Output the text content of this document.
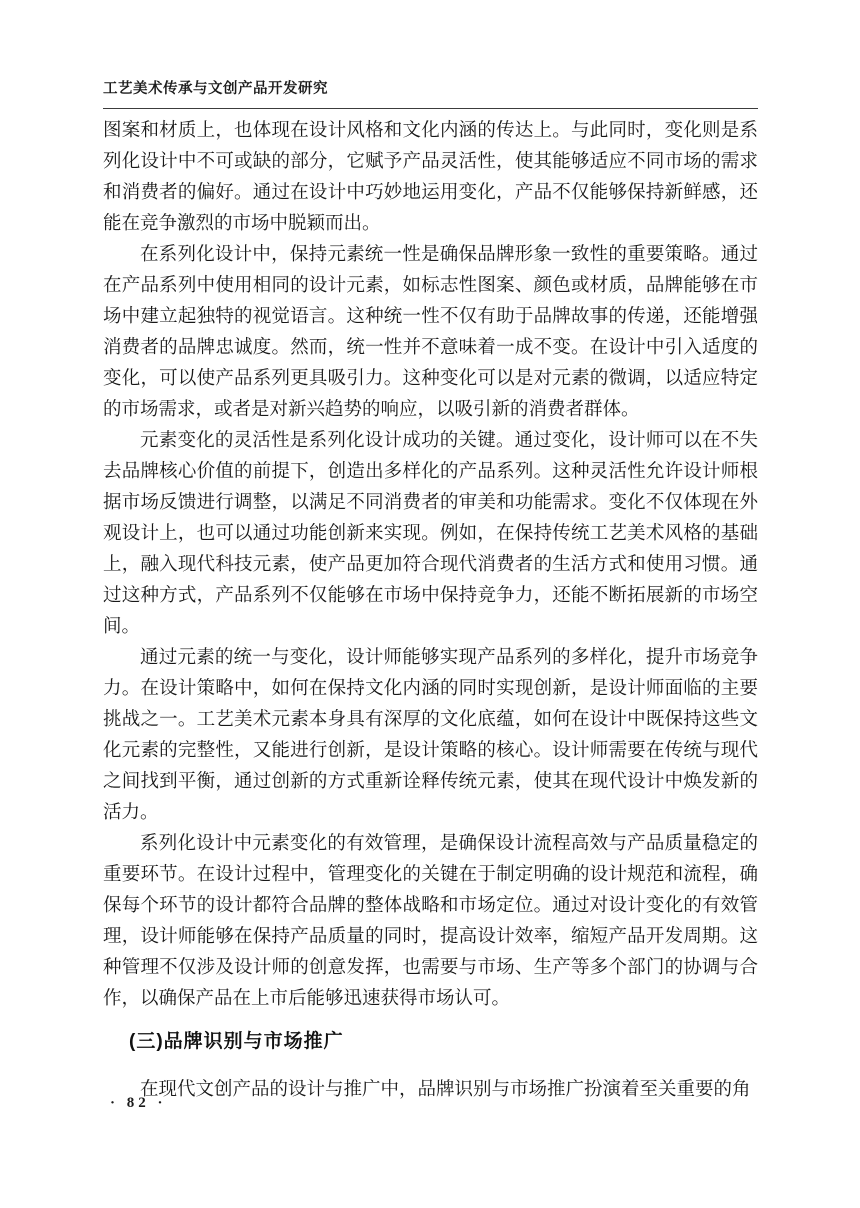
工艺美术传承与文创产品开发研究

图案和材质上，也体现在设计风格和文化内涵的传达上。与此同时，变化则是系列化设计中不可或缺的部分，它赋予产品灵活性，使其能够适应不同市场的需求和消费者的偏好。通过在设计中巧妙地运用变化，产品不仅能够保持新鲜感，还能在竞争激烈的市场中脱颖而出。

在系列化设计中，保持元素统一性是确保品牌形象一致性的重要策略。通过在产品系列中使用相同的设计元素，如标志性图案、颜色或材质，品牌能够在市场中建立起独特的视觉语言。这种统一性不仅有助于品牌故事的传递，还能增强消费者的品牌忠诚度。然而，统一性并不意味着一成不变。在设计中引入适度的变化，可以使产品系列更具吸引力。这种变化可以是对元素的微调，以适应特定的市场需求，或者是对新兴趋势的响应，以吸引新的消费者群体。

元素变化的灵活性是系列化设计成功的关键。通过变化，设计师可以在不失去品牌核心价值的前提下，创造出多样化的产品系列。这种灵活性允许设计师根据市场反馈进行调整，以满足不同消费者的审美和功能需求。变化不仅体现在外观设计上，也可以通过功能创新来实现。例如，在保持传统工艺美术风格的基础上，融入现代科技元素，使产品更加符合现代消费者的生活方式和使用习惯。通过这种方式，产品系列不仅能够在市场中保持竞争力，还能不断拓展新的市场空间。

通过元素的统一与变化，设计师能够实现产品系列的多样化，提升市场竞争力。在设计策略中，如何在保持文化内涵的同时实现创新，是设计师面临的主要挑战之一。工艺美术元素本身具有深厚的文化底蕴，如何在设计中既保持这些文化元素的完整性，又能进行创新，是设计策略的核心。设计师需要在传统与现代之间找到平衡，通过创新的方式重新诠释传统元素，使其在现代设计中焕发新的活力。

系列化设计中元素变化的有效管理，是确保设计流程高效与产品质量稳定的重要环节。在设计过程中，管理变化的关键在于制定明确的设计规范和流程，确保每个环节的设计都符合品牌的整体战略和市场定位。通过对设计变化的有效管理，设计师能够在保持产品质量的同时，提高设计效率，缩短产品开发周期。这种管理不仅涉及设计师的创意发挥，也需要与市场、生产等多个部门的协调与合作，以确保产品在上市后能够迅速获得市场认可。

(三)品牌识别与市场推广

在现代文创产品的设计与推广中，品牌识别与市场推广扮演着至关重要的角

· 82 ·
